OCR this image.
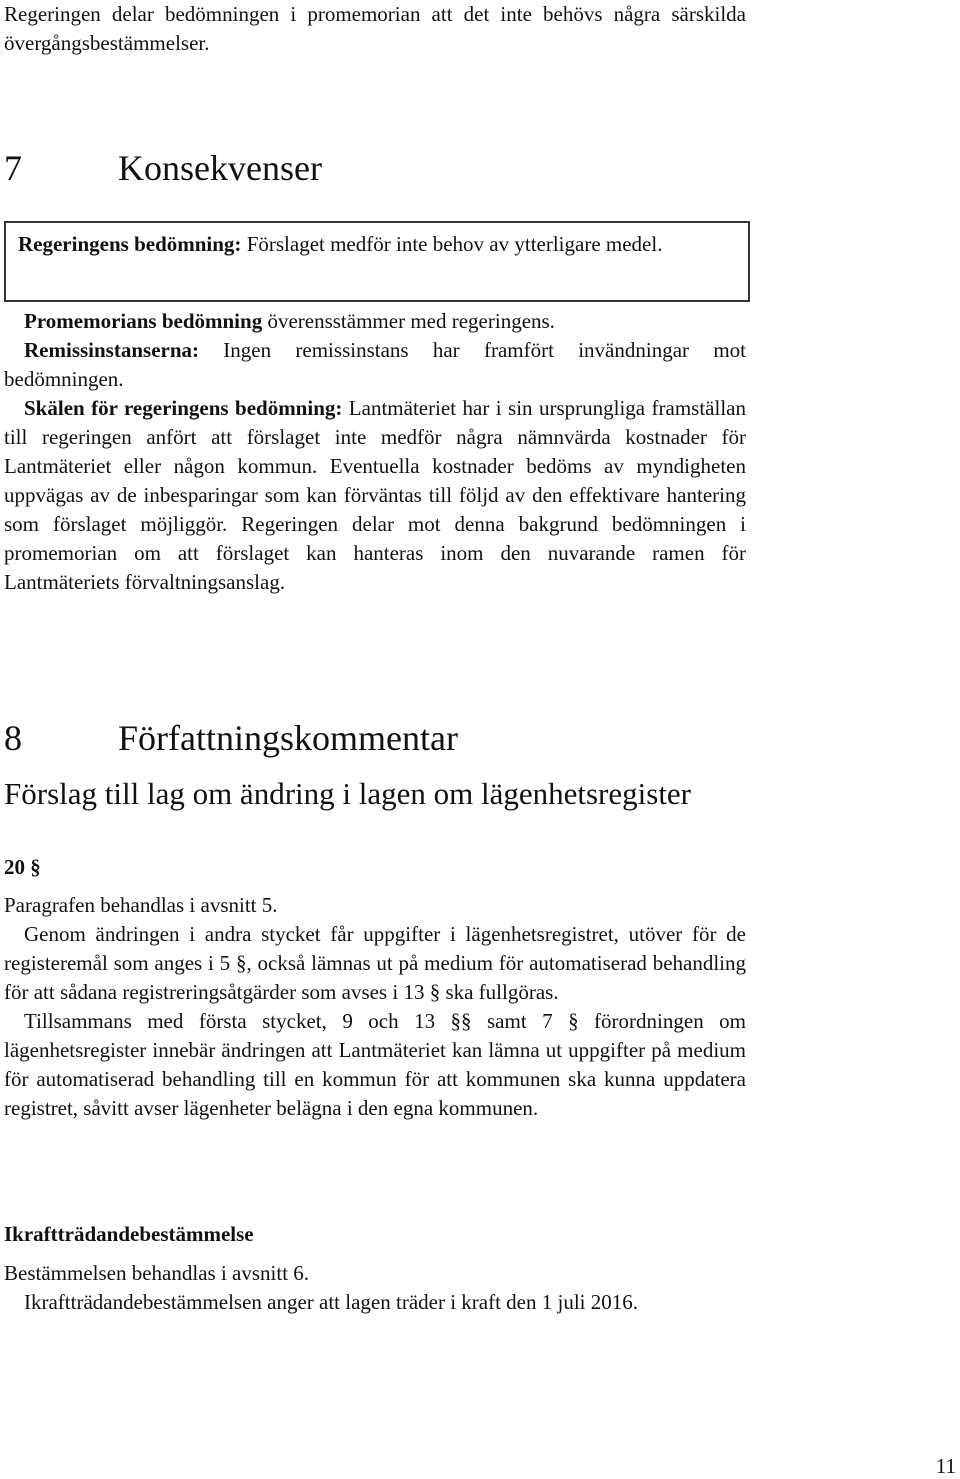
Regeringen delar bedömningen i promemorian att det inte behövs några särskilda övergångsbestämmelser.

7	Konsekvenser
Regeringens bedömning: Förslaget medför inte behov av ytterligare medel.

Promemorians bedömning överensstämmer med regeringens.

Remissinstanserna: Ingen remissinstans har framfört invändningar mot bedömningen.

Skälen för regeringens bedömning: Lantmäteriet har i sin ursprungliga framställan till regeringen anfört att förslaget inte medför några nämnvärda kostnader för Lantmäteriet eller någon kommun. Eventuella kostnader bedöms av myndigheten uppvägas av de inbesparingar som kan förväntas till följd av den effektivare hantering som förslaget möjliggör. Regeringen delar mot denna bakgrund bedömningen i promemorian om att förslaget kan hanteras inom den nuvarande ramen för Lantmäteriets förvaltningsanslag.

8	Författningskommentar
Förslag till lag om ändring i lagen om lägenhetsregister
20 §

Paragrafen behandlas i avsnitt 5.

Genom ändringen i andra stycket får uppgifter i lägenhetsregistret, utöver för de registeremål som anges i 5 §, också lämnas ut på medium för automatiserad behandling för att sådana registreringsåtgärder som avses i 13 § ska fullgöras.

Tillsammans med första stycket, 9 och 13 §§ samt 7 § förordningen om lägenhetsregister innebär ändringen att Lantmäteriet kan lämna ut uppgifter på medium för automatiserad behandling till en kommun för att kommunen ska kunna uppdatera registret, såvitt avser lägenheter belägna i den egna kommunen.

Ikraftträdandebestämmelse

Bestämmelsen behandlas i avsnitt 6.

Ikraftträdandebestämmelsen anger att lagen träder i kraft den 1 juli 2016.

11
